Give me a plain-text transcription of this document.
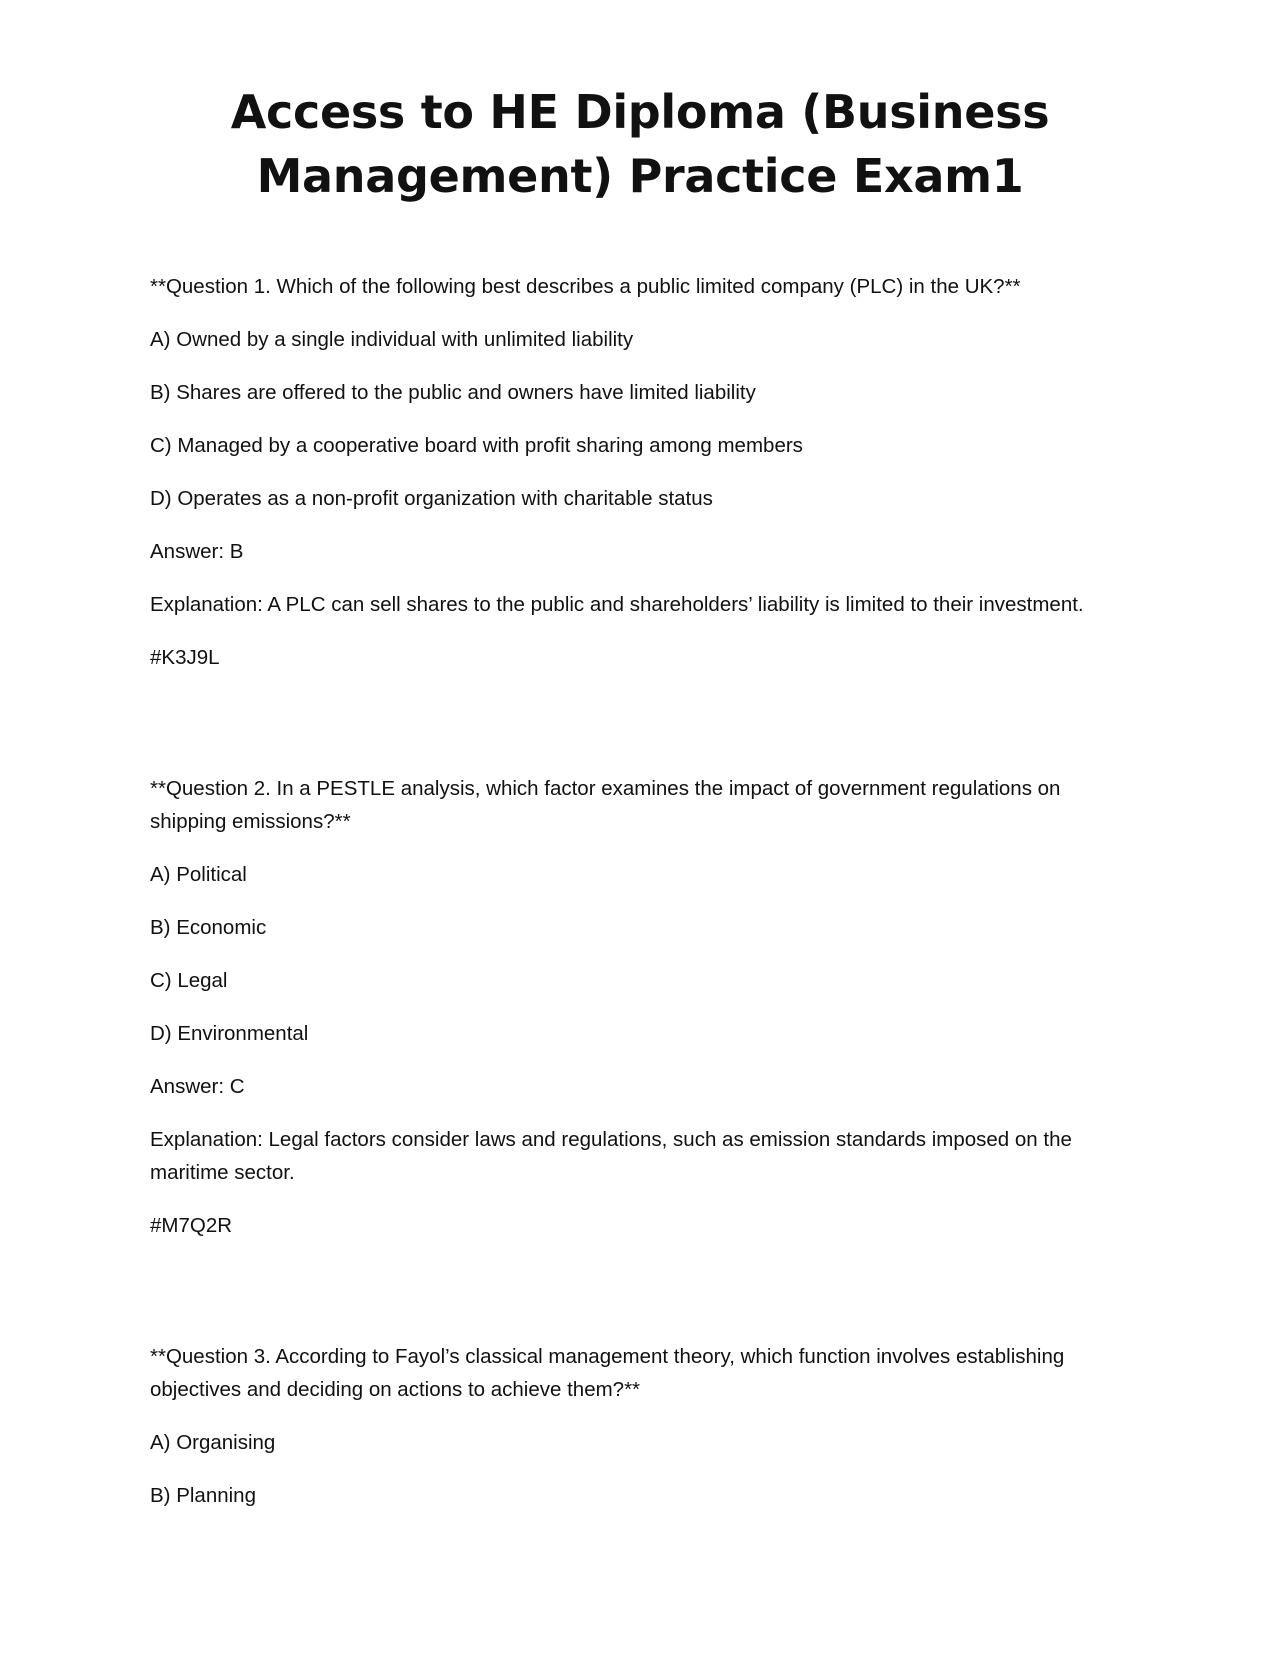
Access to HE Diploma (Business
Management) Practice Exam1

**Question 1. Which of the following best describes a public limited company (PLC) in the UK?**

A) Owned by a single individual with unlimited liability

B) Shares are offered to the public and owners have limited liability

C) Managed by a cooperative board with profit sharing among members

D) Operates as a non-profit organization with charitable status

Answer: B

Explanation: A PLC can sell shares to the public and shareholders’ liability is limited to their investment.

#K3J9L

**Question 2. In a PESTLE analysis, which factor examines the impact of government regulations on shipping emissions?**

A) Political

B) Economic

C) Legal

D) Environmental

Answer: C

Explanation: Legal factors consider laws and regulations, such as emission standards imposed on the maritime sector.

#M7Q2R

**Question 3. According to Fayol’s classical management theory, which function involves establishing objectives and deciding on actions to achieve them?**

A) Organising

B) Planning
